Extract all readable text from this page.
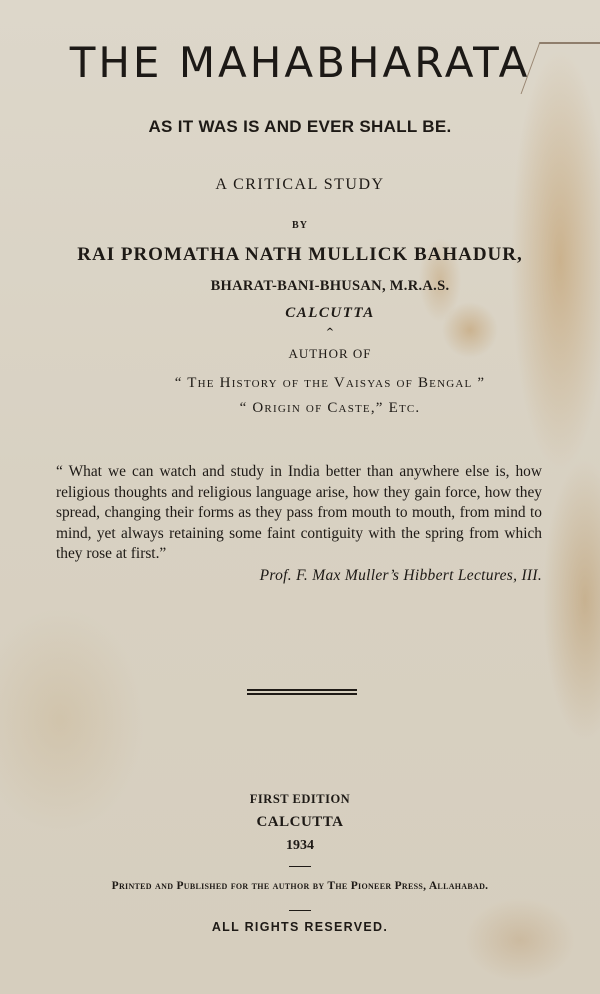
THE MAHABHARATA
AS IT WAS IS AND EVER SHALL BE.
A CRITICAL STUDY
BY
RAI PROMATHA NATH MULLICK BAHADUR,
BHARAT-BANI-BHUSAN, M.R.A.S.
CALCUTTA
^
AUTHOR OF
“ The History of the Vaisyas of Bengal ”
“ Origin of Caste,” Etc.

“ What we can watch and study in India better than anywhere else is, how religious thoughts and religious language arise, how they gain force, how they spread, changing their forms as they pass from mouth to mouth, from mind to mind, yet always retaining some faint contiguity with the spring from which they rose at first.”

Prof. F. Max Muller’s Hibbert Lectures, III.
FIRST EDITION
CALCUTTA
1934
Printed and Published for the author by The Pioneer Press, Allahabad.
ALL RIGHTS RESERVED.
